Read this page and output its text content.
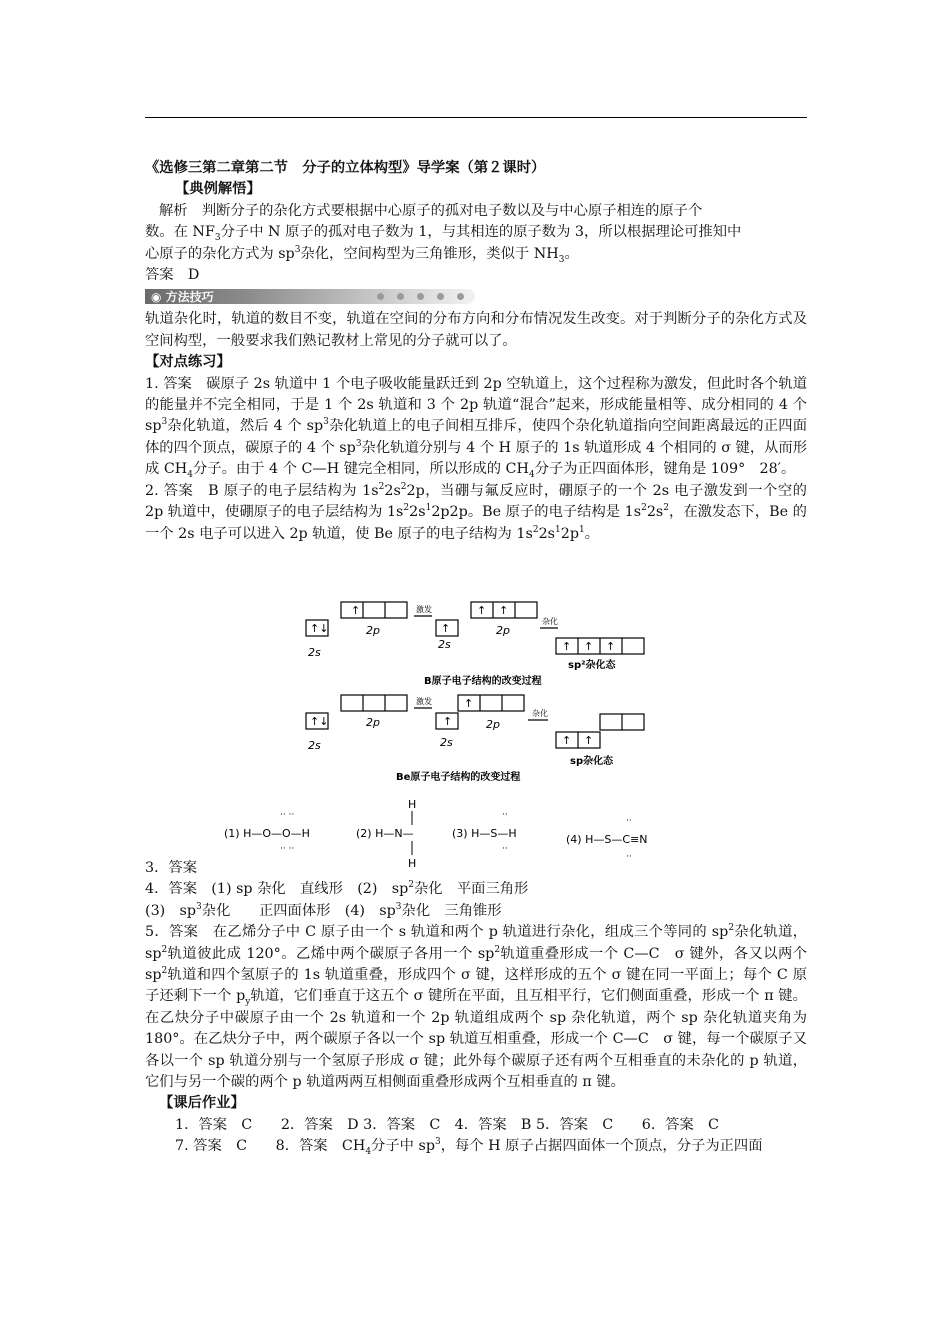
《选修三第二章第二节　分子的立体构型》导学案（第２课时）
【典例解悟】
解析　判断分子的杂化方式要根据中心原子的孤对电子数以及与中心原子相连的原子个
数。在 $NF_3$分子中 N 原子的孤对电子数为 1，与其相连的原子数为 3，所以根据理论可推知中
心原子的杂化方式为 $sp^3$杂化，空间构型为三角锥形，类似于 $NH_3$。
答案　D
◉ 方法技巧
轨道杂化时，轨道的数目不变，轨道在空间的分布方向和分布情况发生改变。对于判断分子的杂化方式及空间构型，一般要求我们熟记教材上常见的分子就可以了。
【对点练习】
1. 答案　碳原子 2s 轨道中 1 个电子吸收能量跃迁到 2p 空轨道上，这个过程称为激发，但此时各个轨道的能量并不完全相同，于是 1 个 2s 轨道和 3 个 2p 轨道“混合”起来，形成能量相等、成分相同的 4 个 $sp^3$杂化轨道，然后 4 个 $sp^3$杂化轨道上的电子间相互排斥，使四个杂化轨道指向空间距离最远的正四面体的四个顶点，碳原子的 4 个 $sp^3$杂化轨道分别与 4 个 H 原子的 1s 轨道形成 4 个相同的 σ 键，从而形成 $CH_4$分子。由于 4 个 C—H 键完全相同，所以形成的 $CH_4$分子为正四面体形，键角是 109°　28′。
2. 答案　B 原子的电子层结构为 $1s^22s^22p$，当硼与氟反应时，硼原子的一个 2s 电子激发到一个空的 2p 轨道中，使硼原子的电子层结构为 $1s^22s^12p2p$。Be 原子的电子结构是 $1s^22s^2$，在激发态下，Be 的一个 2s 电子可以进入 2p 轨道，使 Be 原子的电子结构为 $1s^22s^12p^1$。
↑↓
↑
↑
↑ ↑
↑ ↑ ↑
↑↓	↑
↑
↑ ↑
2s
2p
2s
2p
2s
2p
2s
2p
激发
杂化
激发
杂化
sp²杂化态
B原子电子结构的改变过程
sp杂化态
Be原子电子结构的改变过程
(1) H—O—O—H	(2) H—N—
H
H
(3) H—S—H	(4) H—S—C≡N
·· ··
·· ··
··
··
··
··
3．答案
4．答案　(1) sp 杂化　直线形　(2)　$sp^2$杂化　平面三角形
(3)　$sp^3$杂化　　正四面体形　(4)　$sp^3$杂化　三角锥形
5．答案　在乙烯分子中 C 原子由一个 s 轨道和两个 p 轨道进行杂化，组成三个等同的 $sp^2$杂化轨道，$sp^2$轨道彼此成 120°。乙烯中两个碳原子各用一个 $sp^2$轨道重叠形成一个 C—C　σ 键外，各又以两个 $sp^2$轨道和四个氢原子的 1s 轨道重叠，形成四个 σ 键，这样形成的五个 σ 键在同一平面上；每个 C 原子还剩下一个 $p_y$轨道，它们垂直于这五个 σ 键所在平面，且互相平行，它们侧面重叠，形成一个 π 键。在乙炔分子中碳原子由一个 2s 轨道和一个 2p 轨道组成两个 sp 杂化轨道，两个 sp 杂化轨道夹角为 180°。在乙炔分子中，两个碳原子各以一个 sp 轨道互相重叠，形成一个 C—C　σ 键，每一个碳原子又各以一个 sp 轨道分别与一个氢原子形成 σ 键；此外每个碳原子还有两个互相垂直的未杂化的 p 轨道，它们与另一个碳的两个 p 轨道两两互相侧面重叠形成两个互相垂直的 π 键。
【课后作业】
1．答案　C　　2．答案　D 3．答案　C　4．答案　B 5．答案　C　　6．答案　C
7. 答案　C　　8．答案　$CH_4$分子中 $sp^3$，每个 H 原子占据四面体一个顶点，分子为正四面
